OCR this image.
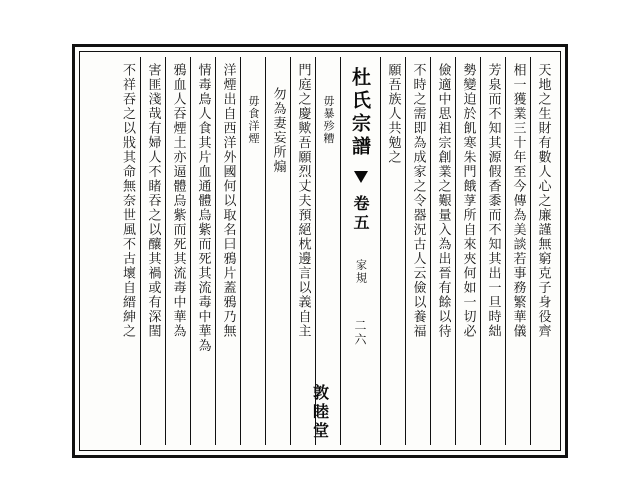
天地之生財有數人心之廉謹無窮克子身役齊
相一獲業三十年至今傳為美談若事務繁華儀
芳泉而不知其源假香黍而不知其出一旦時絀
勢變迫於飢寒朱門餓莩所自來夾何如一切必
儉適中思祖宗創業之艱量入為出晉有餘以待
不時之需即為成家之令器況古人云儉以養福
願吾族人共勉之
杜氏宗譜
卷五
家規
二六
敦睦堂
毋暴殄糟
門庭之慶歟吾願烈丈夫預絕枕邊言以義自主
勿為妻妄所煽
毋食洋煙
洋煙出自西洋外國何以取名曰鴉片蓋鴉乃無
情毒鳥人食其片血通體烏紫而死其流毒中華為
鴉血人吞煙土亦逼體烏紫而死其流毒中華為
害匪淺哉有婦人不睹吞之以釀其禍或有深閨
不祥吞之以戕其命無奈世風不古壞自縉紳之
